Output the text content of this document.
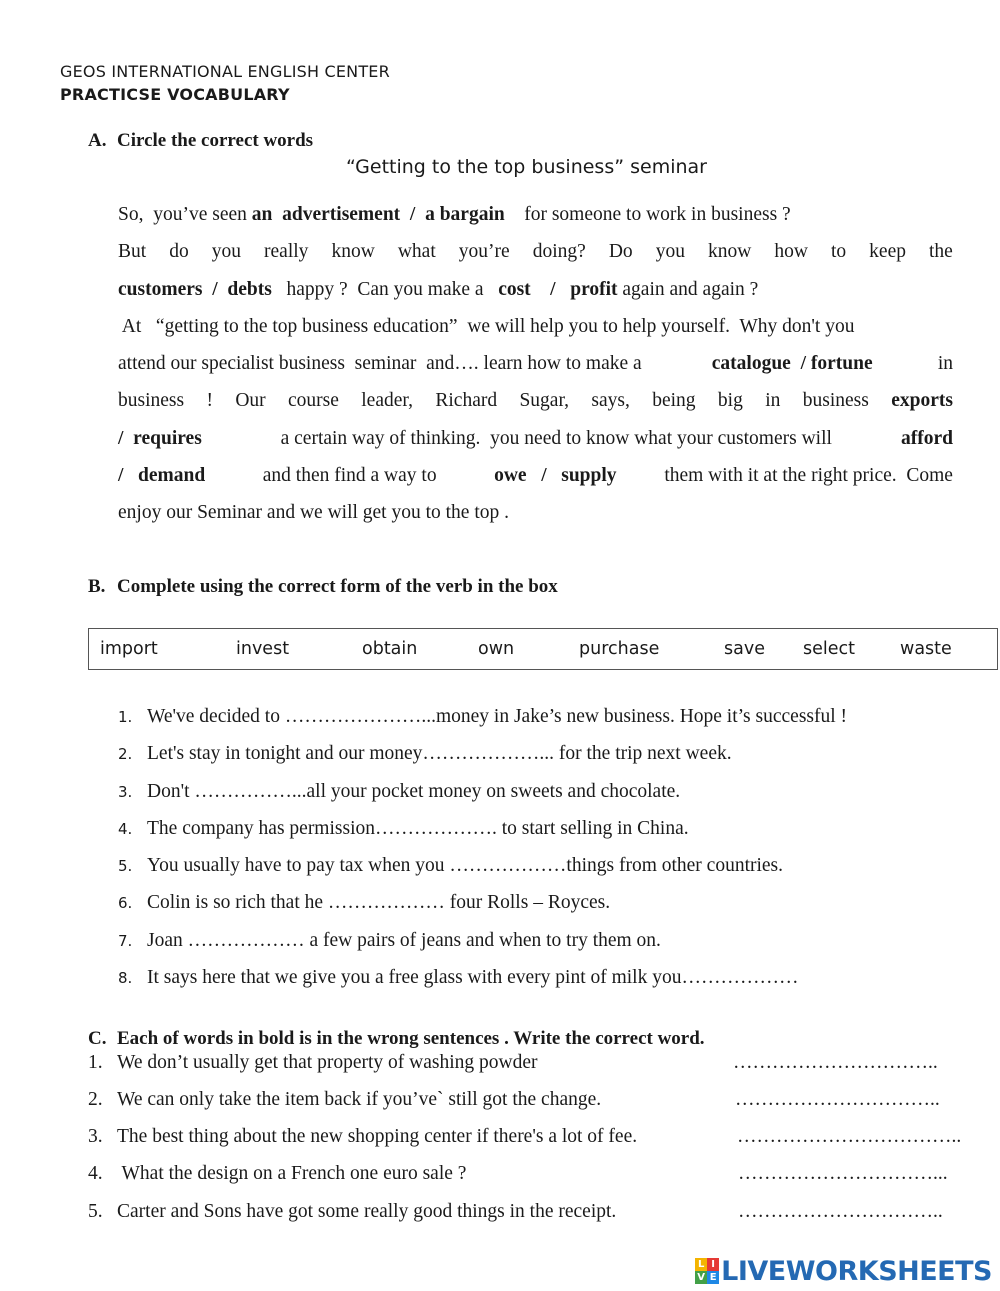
GEOS INTERNATIONAL ENGLISH CENTER
PRACTICSE VOCABULARY
A. Circle the correct words
“Getting to the top business” seminar
So,  you’ve seen an  advertisement  /  a bargain    for someone to work in business ?
But do you really know what you’re doing? Do you know how to keep the
customers  /  debts   happy ?  Can you make a   cost    /   profit again and again ?
At   “getting to the top business education”  we will help you to help yourself.  Why don't you
attend our specialist business  seminar  and…. learn how to make a	catalogue  / fortune	in
business ! Our course leader, Richard Sugar, says, being big in business exports
/  requires	a certain way of thinking.  you need to know what your customers will	afford
/   demand and then find a way to owe   /   supply them with it at the right price.  Come
enjoy our Seminar and we will get you to the top .
B. Complete using the correct form of the verb in the box
import	invest	obtain	own	purchase	save select	waste
1. We've decided to …………………...money in Jake’s new business. Hope it’s successful !
2. Let's stay in tonight and our money………………... for the trip next week.
3. Don't ……………...all your pocket money on sweets and chocolate.
4. The company has permission………………. to start selling in China.
5. You usually have to pay tax when you ………………things from other countries.
6. Colin is so rich that he ……………… four Rolls – Royces.
7. Joan ……………… a few pairs of jeans and when to try them on.
8. It says here that we give you a free glass with every pint of milk you………………
C. Each of words in bold is in the wrong sentences . Write the correct word.
1. We don’t usually get that property of washing powder	…………………………..
2. We can only take the item back if you’ve` still got the change.	…………………………..
3. The best thing about the new shopping center if there's a lot of fee.	……………………………..
4. What the design on a French one euro sale ?	…………………………...
5. Carter and Sons have got some really good things in the receipt.	…………………………..
L I
V E LIVEWORKSHEETS
